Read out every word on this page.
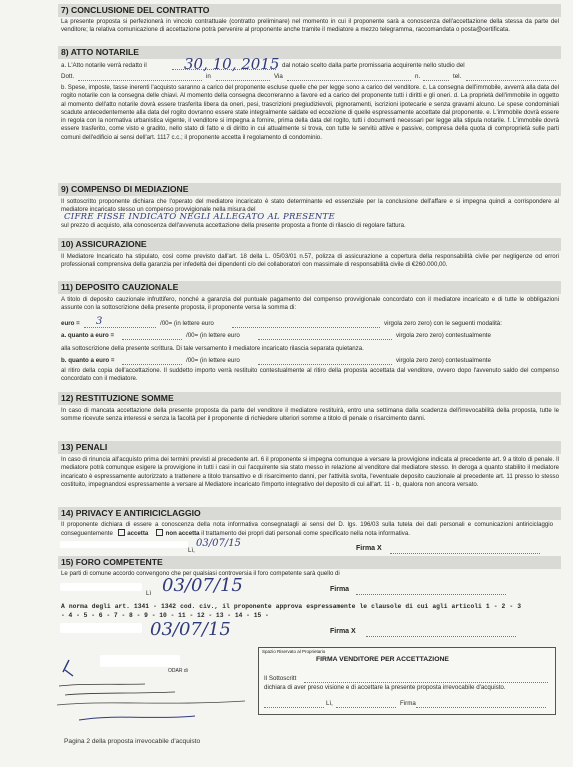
7) CONCLUSIONE DEL CONTRATTO
La presente proposta si perfezionerà in vincolo contrattuale (contratto preliminare) nel momento in cui il proponente sarà a conoscenza dell'accettazione della stessa da parte del venditore; la relativa comunicazione di accettazione potrà pervenire al proponente anche tramite il mediatore a mezzo telegramma, raccomandata o posta@certificata.
8) ATTO NOTARILE
a. L'Atto notarile verrà redatto il 30, 10, 2015 dal notaio scelto dalla parte promissaria acquirente nello studio del
Dott.	in	Via	n.	tel.
b. Spese, imposte, tasse inerenti l'acquisto saranno a carico del proponente escluse quelle che per legge sono a carico del venditore. c. La consegna dell'immobile, avverrà alla data del rogito notarile con la consegna delle chiavi. Al momento della consegna decorreranno a favore ed a carico del proponente tutti i diritti e gli oneri. d. La proprietà dell'immobile in oggetto al momento dell'atto notarile dovrà essere trasferita libera da oneri, pesi, trascrizioni pregiudizievoli, pignoramenti, iscrizioni ipotecarie e senza gravami alcuno. Le spese condominiali scadute antecedentemente alla data del rogito dovranno essere state integralmente saldate ed eccezione di quelle espressamente accettate dal proponente. e. L'immobile dovrà essere in regola con la normativa urbanistica vigente, il venditore si impegna a fornire, prima della data del rogito, tutti i documenti necessari per legge alla stipula notarile. f. L'immobile dovrà essere trasferito, come visto e gradito, nello stato di fatto e di diritto in cui attualmente si trova, con tutte le servitù attive e passive, compresa della quota di comproprietà sulle parti comuni dell'edificio ai sensi dell'art. 1117 c.c.; il proponente accetta il regolamento di condominio.
9) COMPENSO DI MEDIAZIONE
Il sottoscritto proponente dichiara che l'operato del mediatore incaricato è stato determinante ed essenziale per la conclusione dell'affare e si impegna quindi a corrispondere al mediatore incaricato stesso un compenso provvigionale nella misura del
CIFRE FISSE INDICATO NEGLI ALLEGATO AL PRESENTE
sul prezzo di acquisto, alla conoscenza dell'avvenuta accettazione della presente proposta a fronte di rilascio di regolare fattura.
10) ASSICURAZIONE
Il Mediatore Incaricato ha stipulato, così come previsto dall'art. 18 della L. 05/03/01 n.57, polizza di assicurazione a copertura della responsabilità civile per negligenze od errori professionali comprensiva della garanzia per infedeltà dei dipendenti c/o dei collaboratori con massimale di responsabilità civile di €260.000,00.
11) DEPOSITO CAUZIONALE
A titolo di deposito cauzionale infruttifero, nonché a garanzia del puntuale pagamento del compenso provvigionale concordato con il mediatore incaricato e di tutte le obbligazioni assunte con la sottoscrizione della presente proposta, il proponente versa la somma di:
euro = 3	/00= (in lettere euro	virgola zero zero) con le seguenti modalità:
a. quanto a euro =	/00= (in lettere euro	virgola zero zero) contestualmente
alla sottoscrizione della presente scrittura. Di tale versamento il mediatore incaricato rilascia separata quietanza.
b. quanto a euro =	/00= (in lettere euro	virgola zero zero) contestualmente
al ritiro della copia dell'accettazione. Il suddetto importo verrà restituito contestualmente al ritiro della proposta accettata dal venditore, ovvero dopo l'avvenuto saldo del compenso concordato con il mediatore.
12) RESTITUZIONE SOMME
In caso di mancata accettazione della presente proposta da parte del venditore il mediatore restituirà, entro una settimana dalla scadenza dell'irrevocabilità della proposta, tutte le somme ricevute senza interessi e senza la facoltà per il proponente di richiedere ulteriori somme a titolo di penale o risarcimento danni.
13) PENALI
In caso di rinuncia all'acquisto prima dei termini previsti al precedente art. 6 il proponente si impegna comunque a versare la provvigione indicata al precedente art. 9 a titolo di penale. Il mediatore potrà comunque esigere la provvigione in tutti i casi in cui l'acquirente sia stato messo in relazione al venditore dal mediatore stesso. In deroga a quanto stabilito il mediatore incaricato è espressamente autorizzato a trattenere a titolo transattivo e di risarcimento danni, per l'attività svolta, l'eventuale deposito cauzionale al precedente art. 11 presso lo stesso costituito, impegnandosi espressamente a versare al Mediatore incaricato l'importo integrativo del deposito di cui all'art. 11 - b, qualora non ancora versato.
14) PRIVACY E ANTIRICICLAGGIO
Il proponente dichiara di essere a conoscenza della nota informativa consegnatagli ai sensi del D. lgs. 196/03 sulla tutela dei dati personali e comunicazioni antiriciclaggio conseguentemente accetta	non accetta il trattamento dei propri dati personali come specificato nella nota informativa.
Lì,
03/07/15	Firma X
15) FORO COMPETENTE
Le parti di comune accordo convengono che per qualsiasi controversia il foro competente sarà quello di
Lì 03/07/15	Firma
A norma degli art. 1341 - 1342 cod. civ., il proponente approva espressamente le clausole di cui agli articoli 1 - 2 - 3 - 4 - 5 - 6 - 7 - 8 - 9 - 10 - 11 - 12 - 13 - 14 - 15 -
03/07/15	Firma X
Spazio Riservato al Proprietario
FIRMA VENDITORE PER ACCETTAZIONE
Il Sottoscritt
dichiara di aver preso visione e di accettare la presente proposta irrevocabile d'acquisto.
Lì,	Firma
ODAR di
Pagina 2 della proposta irrevocabile d'acquisto
